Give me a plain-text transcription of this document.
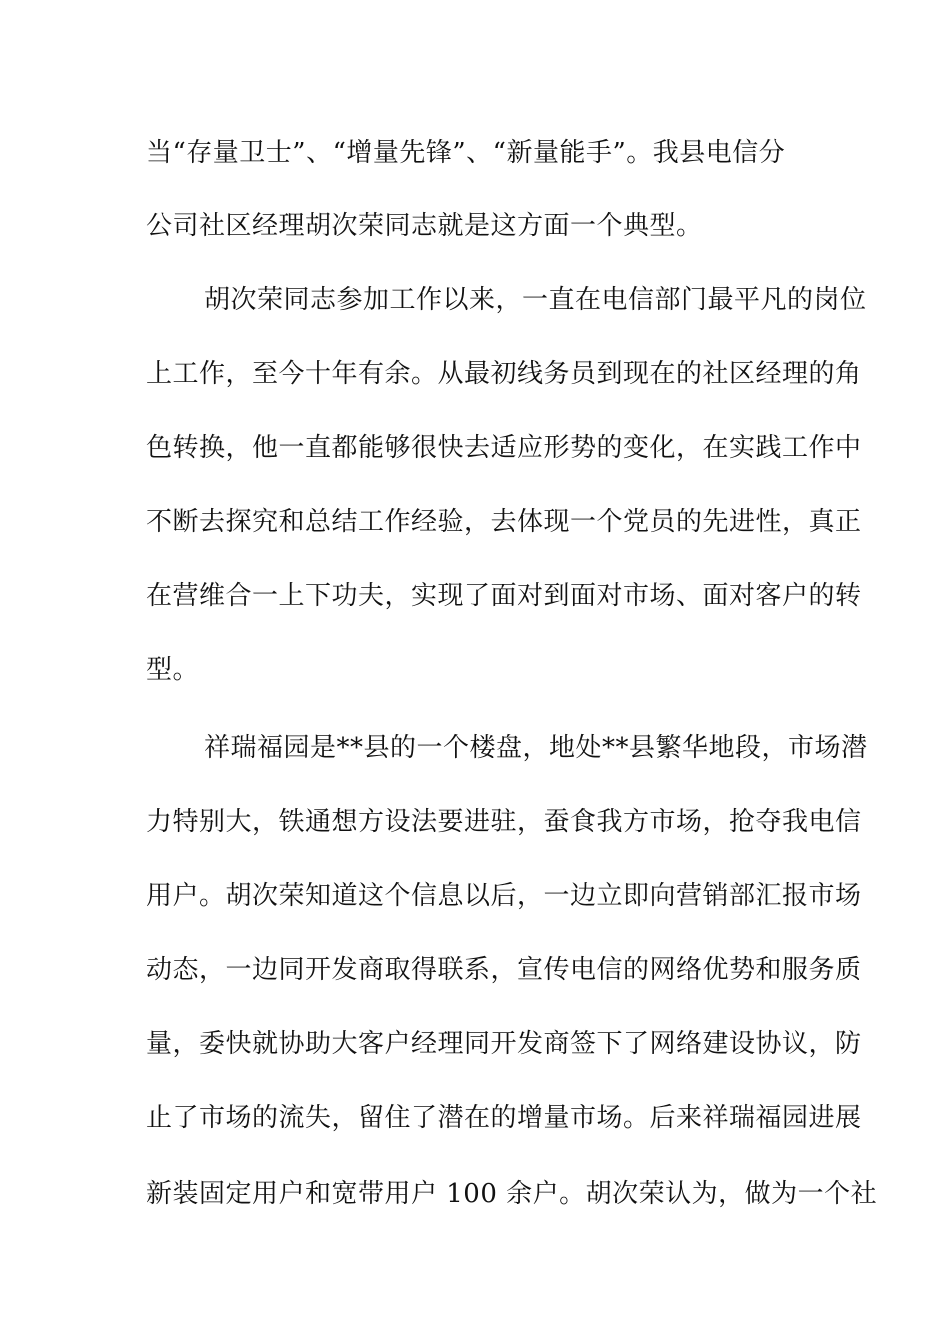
当“存量卫士”、“增量先锋”、“新量能手”。我县电信分

公司社区经理胡次荣同志就是这方面一个典型。

胡次荣同志参加工作以来，一直在电信部门最平凡的岗位

上工作，至今十年有余。从最初线务员到现在的社区经理的角

色转换，他一直都能够很快去适应形势的变化，在实践工作中

不断去探究和总结工作经验，去体现一个党员的先进性，真正

在营维合一上下功夫，实现了面对到面对市场、面对客户的转

型。

祥瑞福园是**县的一个楼盘，地处**县繁华地段，市场潜

力特别大，铁通想方设法要进驻，蚕食我方市场，抢夺我电信

用户。胡次荣知道这个信息以后，一边立即向营销部汇报市场

动态，一边同开发商取得联系，宣传电信的网络优势和服务质

量，委快就协助大客户经理同开发商签下了网络建设协议，防

止了市场的流失，留住了潜在的增量市场。后来祥瑞福园进展

新装固定用户和宽带用户 100 余户。胡次荣认为，做为一个社
